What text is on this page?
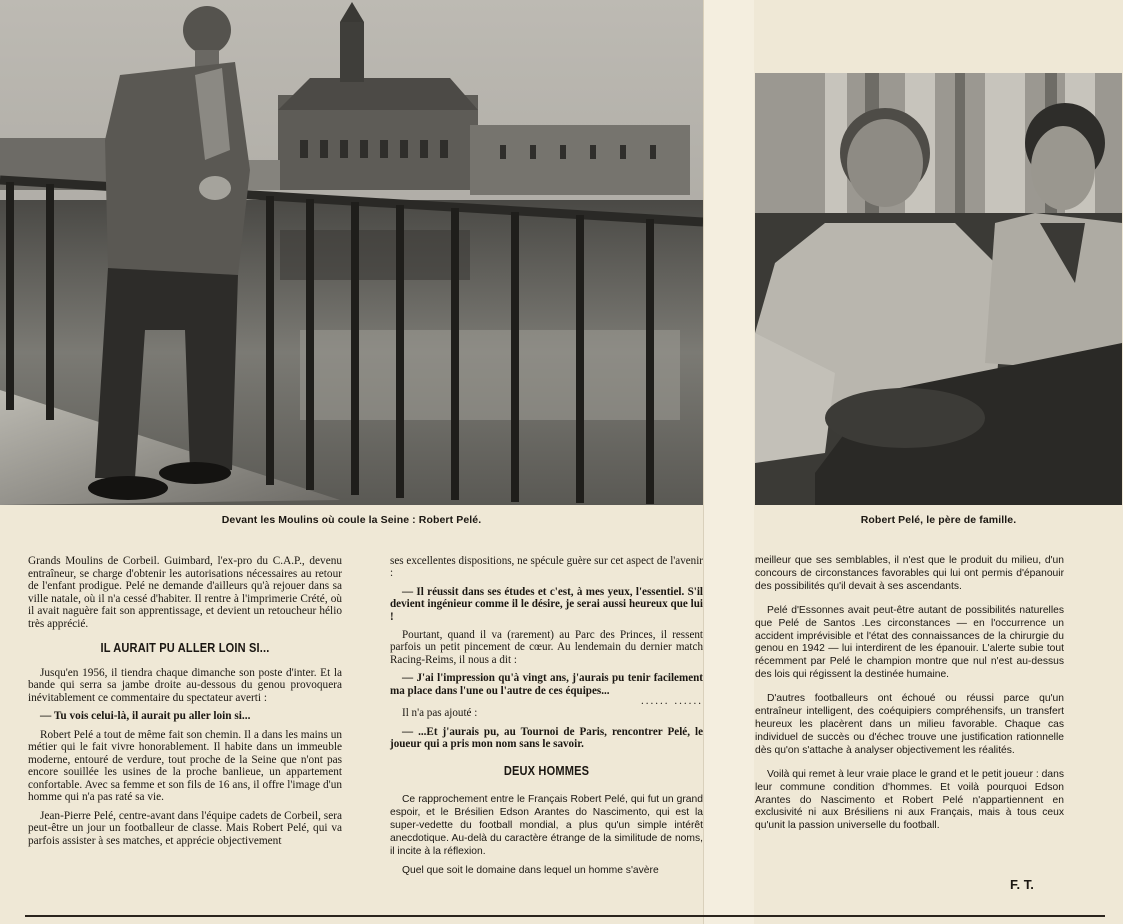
Devant les Moulins où coule la Seine : Robert Pelé.	Robert Pelé, le père de famille.

Grands Moulins de Corbeil. Guimbard, l'ex-pro du C.A.P., devenu entraîneur, se charge d'obtenir les autorisations nécessaires au retour de l'enfant prodigue. Pelé ne demande d'ailleurs qu'à rejouer dans sa ville natale, où il n'a cessé d'habiter. Il rentre à l'imprimerie Crété, où il avait naguère fait son apprentissage, et devient un retoucheur hélio très apprécié.

IL AURAIT PU ALLER LOIN SI...

Jusqu'en 1956, il tiendra chaque dimanche son poste d'inter. Et la bande qui serra sa jambe droite au-dessous du genou provoquera inévitablement ce commentaire du spectateur averti :

— Tu vois celui-là, il aurait pu aller loin si...

Robert Pelé a tout de même fait son chemin. Il a dans les mains un métier qui le fait vivre honorablement. Il habite dans un immeuble moderne, entouré de verdure, tout proche de la Seine que n'ont pas encore souillée les usines de la proche banlieue, un appartement confortable. Avec sa femme et son fils de 16 ans, il offre l'image d'un homme qui n'a pas raté sa vie.

Jean-Pierre Pelé, centre-avant dans l'équipe cadets de Corbeil, sera peut-être un jour un footballeur de classe. Mais Robert Pelé, qui va parfois assister à ses matches, et apprécie objectivement

ses excellentes dispositions, ne spécule guère sur cet aspect de l'avenir :

— Il réussit dans ses études et c'est, à mes yeux, l'essentiel. S'il devient ingénieur comme il le désire, je serai aussi heureux que lui !

Pourtant, quand il va (rarement) au Parc des Princes, il ressent parfois un petit pincement de cœur. Au lendemain du dernier match Racing-Reims, il nous a dit :

— J'ai l'impression qu'à vingt ans, j'aurais pu tenir facilement ma place dans l'une ou l'autre de ces équipes...

...... ......

Il n'a pas ajouté :

— ...Et j'aurais pu, au Tournoi de Paris, rencontrer Pelé, le joueur qui a pris mon nom sans le savoir.

DEUX HOMMES

Ce rapprochement entre le Français Robert Pelé, qui fut un grand espoir, et le Brésilien Edson Arantes do Nascimento, qui est la super-vedette du football mondial, a plus qu'un simple intérêt anecdotique. Au-delà du caractère étrange de la similitude de noms, il incite à la réflexion.

Quel que soit le domaine dans lequel un homme s'avère

meilleur que ses semblables, il n'est que le produit du milieu, d'un concours de circonstances favorables qui lui ont permis d'épanouir des possibilités qu'il devait à ses ascendants.

Pelé d'Essonnes avait peut-être autant de possibilités naturelles que Pelé de Santos .Les circonstances — en l'occurrence un accident imprévisible et l'état des connaissances de la chirurgie du genou en 1942 — lui interdirent de les épanouir. L'alerte subie tout récemment par Pelé le champion montre que nul n'est au-dessus des lois qui régissent la destinée humaine.

D'autres footballeurs ont échoué ou réussi parce qu'un entraîneur intelligent, des coéquipiers compréhensifs, un transfert heureux les placèrent dans un milieu favorable. Chaque cas individuel de succès ou d'échec trouve une justification rationnelle dès qu'on s'attache à analyser objectivement les réalités.

Voilà qui remet à leur vraie place le grand et le petit joueur : dans leur commune condition d'hommes. Et voilà pourquoi Edson Arantes do Nascimento et Robert Pelé n'appartiennent en exclusivité ni aux Brésiliens ni aux Français, mais à tous ceux qu'unit la passion universelle du football.

F. T.
